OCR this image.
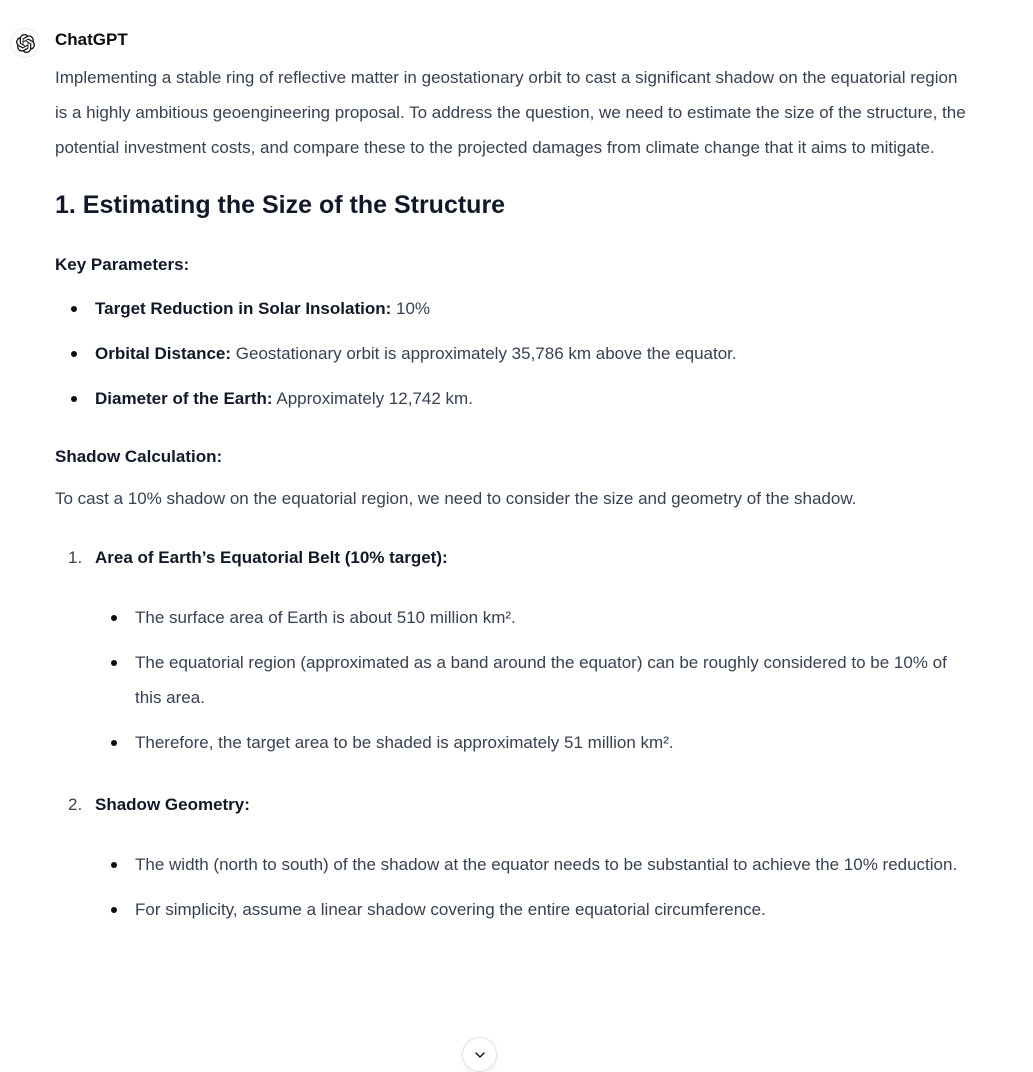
ChatGPT

Implementing a stable ring of reflective matter in geostationary orbit to cast a significant shadow on the equatorial region is a highly ambitious geoengineering proposal. To address the question, we need to estimate the size of the structure, the potential investment costs, and compare these to the projected damages from climate change that it aims to mitigate.

1. Estimating the Size of the Structure

Key Parameters:

Target Reduction in Solar Insolation: 10%
Orbital Distance: Geostationary orbit is approximately 35,786 km above the equator.
Diameter of the Earth: Approximately 12,742 km.

Shadow Calculation:

To cast a 10% shadow on the equatorial region, we need to consider the size and geometry of the shadow.

1. Area of Earth’s Equatorial Belt (10% target):
The surface area of Earth is about 510 million km².
The equatorial region (approximated as a band around the equator) can be roughly considered to be 10% of this area.
Therefore, the target area to be shaded is approximately 51 million km².
2. Shadow Geometry:
The width (north to south) of the shadow at the equator needs to be substantial to achieve the 10% reduction.
For simplicity, assume a linear shadow covering the entire equatorial circumference.
